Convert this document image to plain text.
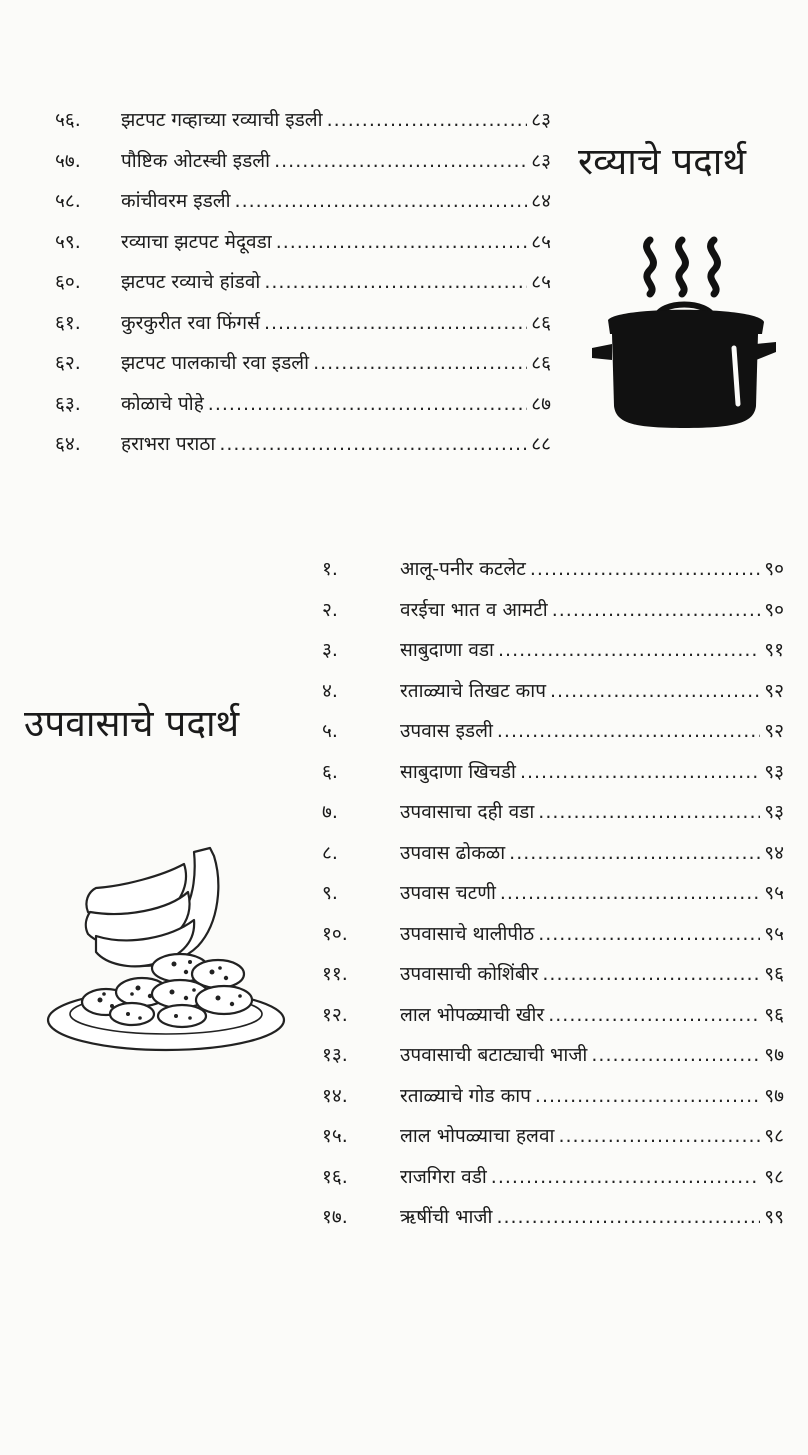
रव्याचे पदार्थ
५६. झटपट गव्हाच्या रव्याची इडली .....	८३
५७. पौष्टिक ओटस्ची इडली .....	८३
५८. कांचीवरम इडली .....	८४
५९. रव्याचा झटपट मेदूवडा .....	८५
६०. झटपट रव्याचे हांडवो .....	८५
६१. कुरकुरीत रवा फिंगर्स .....	८६
६२. झटपट पालकाची रवा इडली .....	८६
६३. कोळाचे पोहे .....	८७
६४. हराभरा पराठा .....	८८
उपवासाचे पदार्थ
१.	आलू-पनीर कटलेट .....	९०
२.	वरईचा भात व आमटी .....	९०
३.	साबुदाणा वडा .....	९१
४.	रताळ्याचे तिखट काप .....	९२
५.	उपवास इडली .....	९२
६.	साबुदाणा खिचडी .....	९३
७.	उपवासाचा दही वडा .....	९३
८.	उपवास ढोकळा .....	९४
९.	उपवास चटणी .....	९५
१०.	उपवासाचे थालीपीठ .....	९५
११.	उपवासाची कोशिंबीर .....	९६
१२.	लाल भोपळ्याची खीर .....	९६
१३.	उपवासाची बटाट्याची भाजी .....	९७
१४.	रताळ्याचे गोड काप .....	९७
१५.	लाल भोपळ्याचा हलवा .....	९८
१६.	राजगिरा वडी .....	९८
१७.	ऋषींची भाजी .....	९९
